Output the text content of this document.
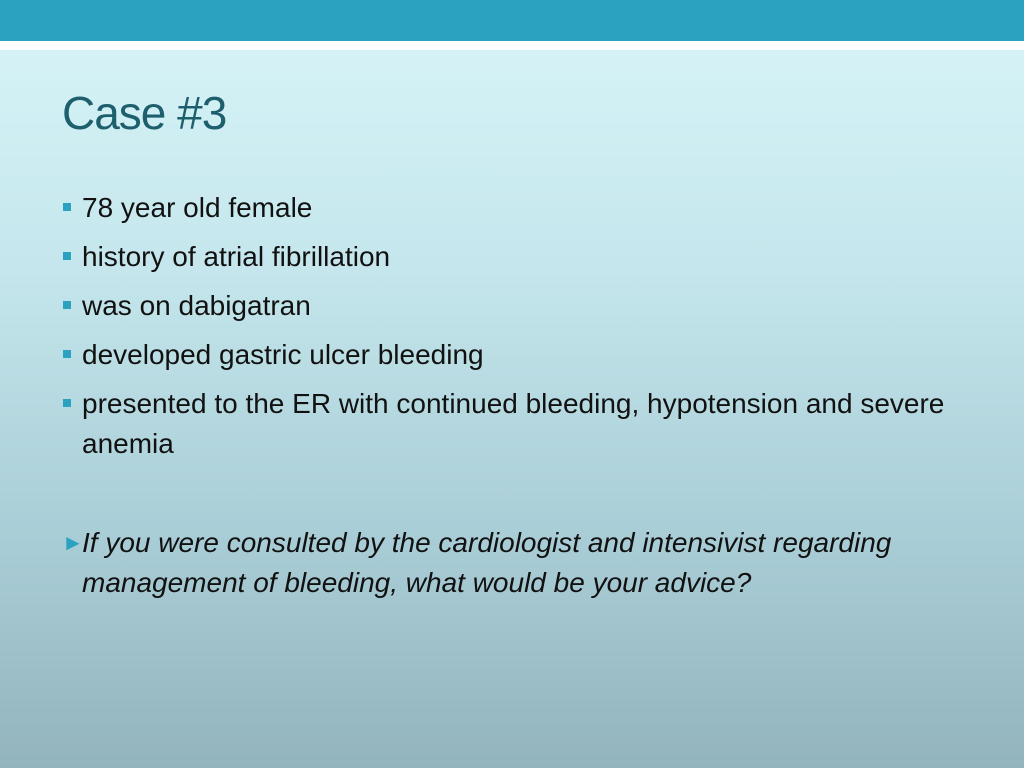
Case #3
78 year old female
history of atrial fibrillation
was on dabigatran
developed gastric ulcer bleeding
presented to the ER with continued bleeding, hypotension and severe anemia

►
If you were consulted by the cardiologist and intensivist regarding management of bleeding, what would be your advice?
